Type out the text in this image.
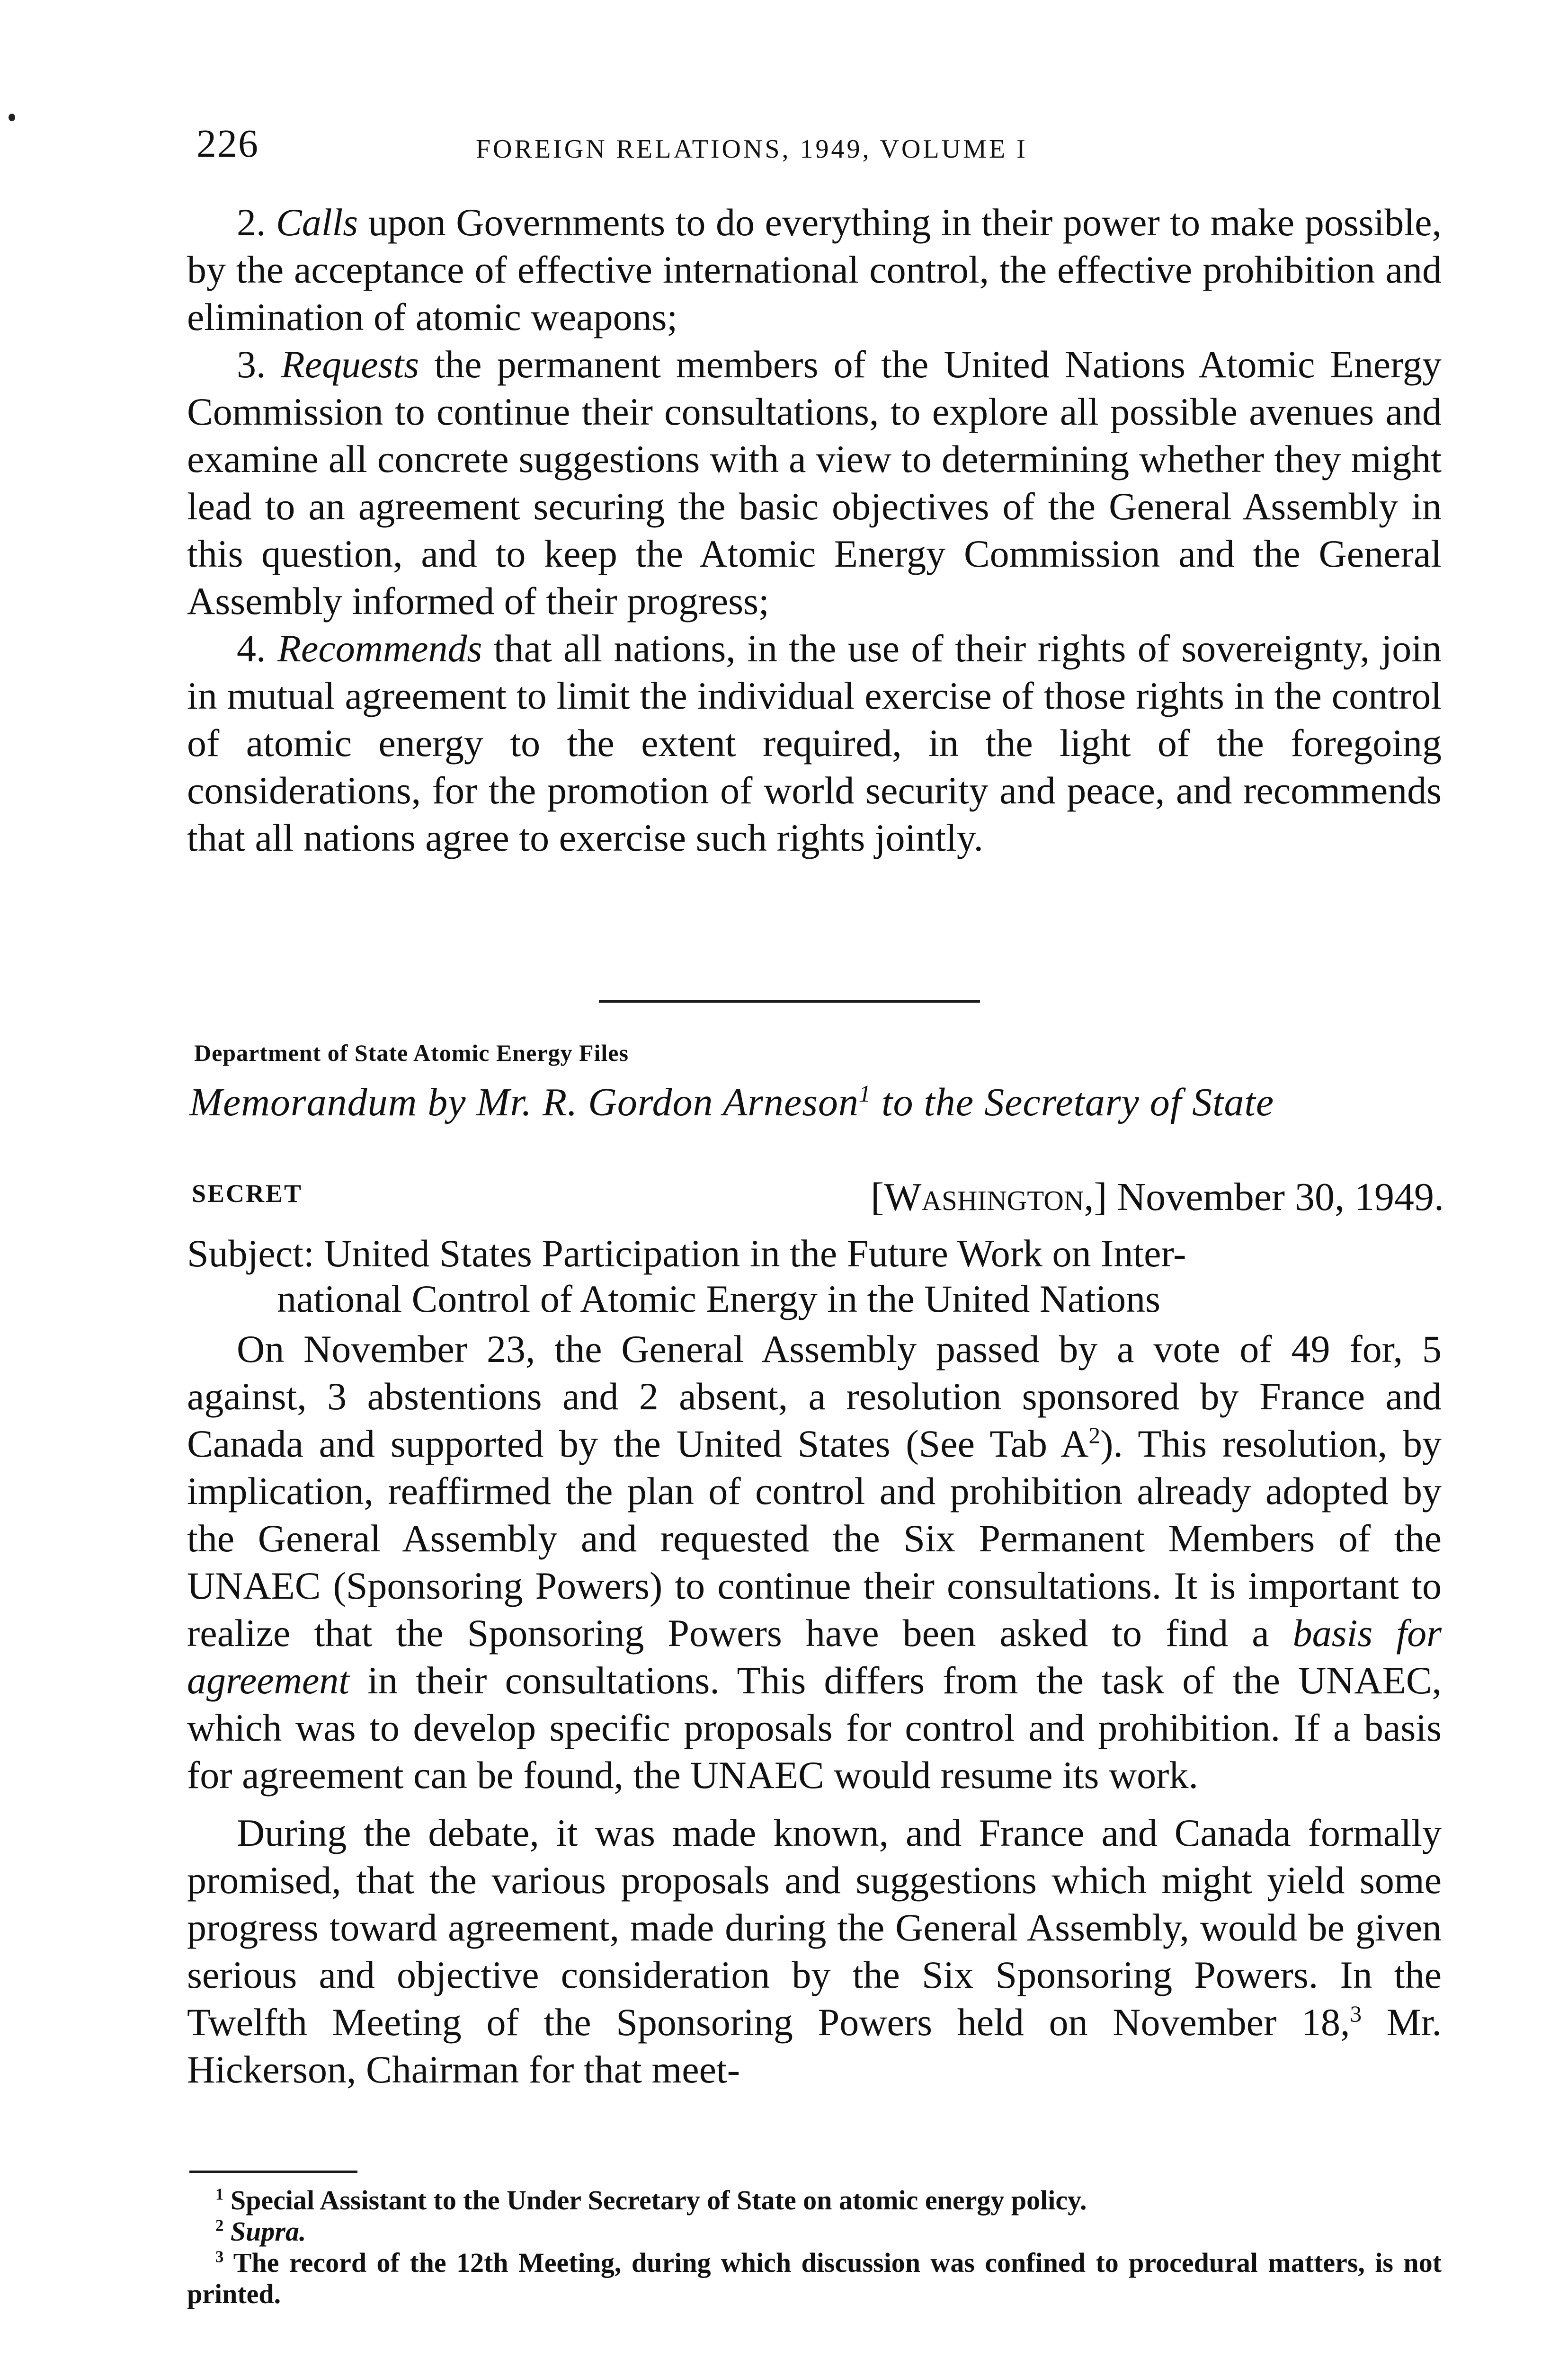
226	FOREIGN RELATIONS, 1949, VOLUME I

2. Calls upon Governments to do everything in their power to make possible, by the acceptance of effective international control, the effective prohibition and elimination of atomic weapons;

3. Requests the permanent members of the United Nations Atomic Energy Commission to continue their consultations, to explore all possible avenues and examine all concrete suggestions with a view to determining whether they might lead to an agreement securing the basic objectives of the General Assembly in this question, and to keep the Atomic Energy Commission and the General Assembly informed of their progress;

4. Recommends that all nations, in the use of their rights of sovereignty, join in mutual agreement to limit the individual exercise of those rights in the control of atomic energy to the extent required, in the light of the foregoing considerations, for the promotion of world security and peace, and recommends that all nations agree to exercise such rights jointly.

Department of State Atomic Energy Files
Memorandum by Mr. R. Gordon Arneson$^1$ to the Secretary of State
SECRET	[Washington,] November 30, 1949.
Subject: United States Participation in the Future Work on Inter-
national Control of Atomic Energy in the United Nations

On November 23, the General Assembly passed by a vote of 49 for, 5 against, 3 abstentions and 2 absent, a resolution sponsored by France and Canada and supported by the United States (See Tab $A^2$). This resolution, by implication, reaffirmed the plan of control and prohibition already adopted by the General Assembly and requested the Six Permanent Members of the UNAEC (Sponsoring Powers) to continue their consultations. It is important to realize that the Sponsoring Powers have been asked to find a basis for agreement in their consultations. This differs from the task of the UNAEC, which was to develop specific proposals for control and prohibition. If a basis for agreement can be found, the UNAEC would resume its work.

During the debate, it was made known, and France and Canada formally promised, that the various proposals and suggestions which might yield some progress toward agreement, made during the General Assembly, would be given serious and objective consideration by the Six Sponsoring Powers. In the Twelfth Meeting of the Sponsoring Powers held on November 18,$^3$ Mr. Hickerson, Chairman for that meet-

$^1$ Special Assistant to the Under Secretary of State on atomic energy policy.

$^2$ Supra.

$^3$ The record of the 12th Meeting, during which discussion was confined to procedural matters, is not printed.
